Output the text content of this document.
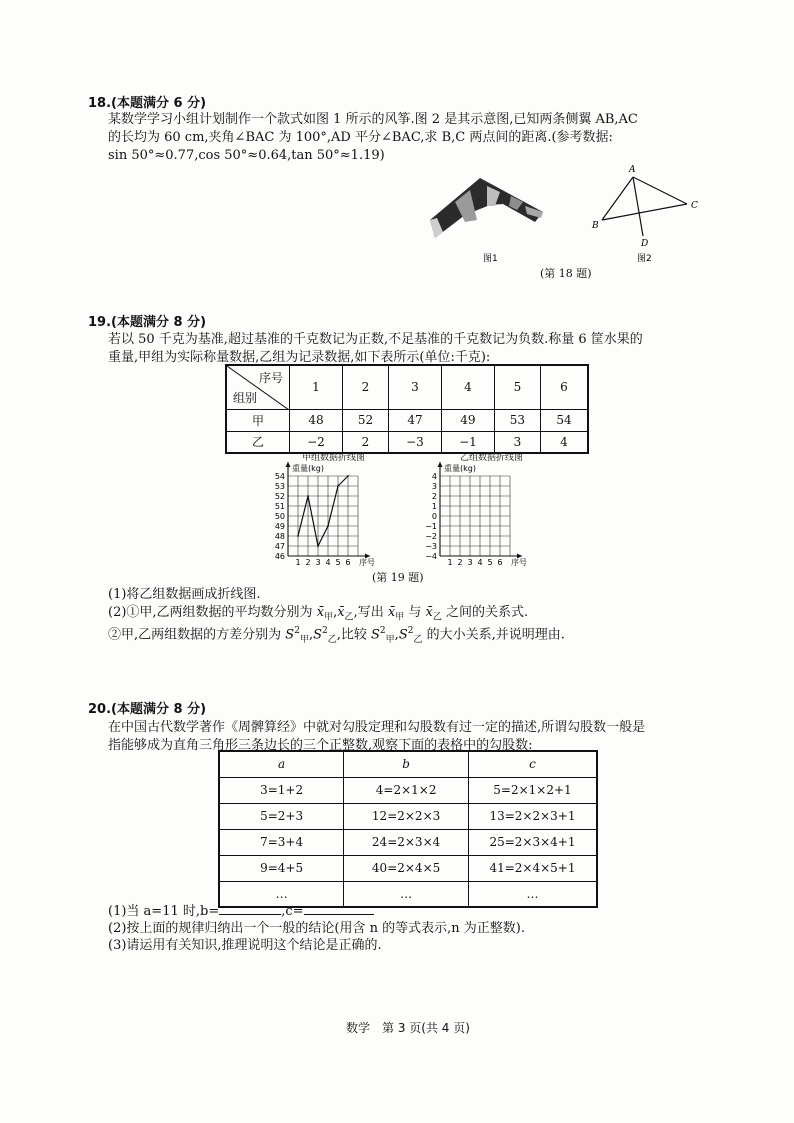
18.(本题满分 6 分)
某数学学习小组计划制作一个款式如图 1 所示的风筝.图 2 是其示意图,已知两条侧翼 AB,AC
的长均为 60 cm,夹角∠BAC 为 100°,AD 平分∠BAC,求 B,C 两点间的距离.(参考数据:
sin 50°≈0.77,cos 50°≈0.64,tan 50°≈1.19)
图1
A
B
C
D
图2
(第 18 题)
19.(本题满分 8 分)
若以 50 千克为基准,超过基准的千克数记为正数,不足基准的千克数记为负数.称量 6 筐水果的
重量,甲组为实际称量数据,乙组为记录数据,如下表所示(单位:千克):
序号
组别	1	2	3	4	5	6

甲	48	52	47	49	53	54
乙	−2	2	−3	−1	3	4
甲组数据折线图
54
53
52
51
50
49
48
47
46
1 2 3 4 5 6
重量(kg)
序号
乙组数据折线图
4
3
2
1
0
−1
−2
−3
−4
1 2 3 4 5 6
重量(kg)
序号
(第 19 题)
(1)将乙组数据画成折线图.
(2)①甲,乙两组数据的平均数分别为 $x̄_甲,x̄_乙$,写出 $x̄_甲$ 与 $x̄_乙$ 之间的关系式.
②甲,乙两组数据的方差分别为 $S^2_甲,S^2_乙$,比较 $S^2_甲,S^2_乙$ 的大小关系,并说明理由.
20.(本题满分 8 分)
在中国古代数学著作《周髀算经》中就对勾股定理和勾股数有过一定的描述,所谓勾股数一般是
指能够成为直角三角形三条边长的三个正整数,观察下面的表格中的勾股数:
a	b	c
3=1+2	4=2×1×2	5=2×1×2+1
5=2+3	12=2×2×3	13=2×2×3+1
7=3+4	24=2×3×4	25=2×3×4+1
9=4+5	40=2×4×5	41=2×4×5+1
…	…	…
(1)当 a=11 时,b=	,c=
(2)按上面的规律归纳出一个一般的结论(用含 n 的等式表示,n 为正整数).
(3)请运用有关知识,推理说明这个结论是正确的.
数学　第 3 页(共 4 页)
